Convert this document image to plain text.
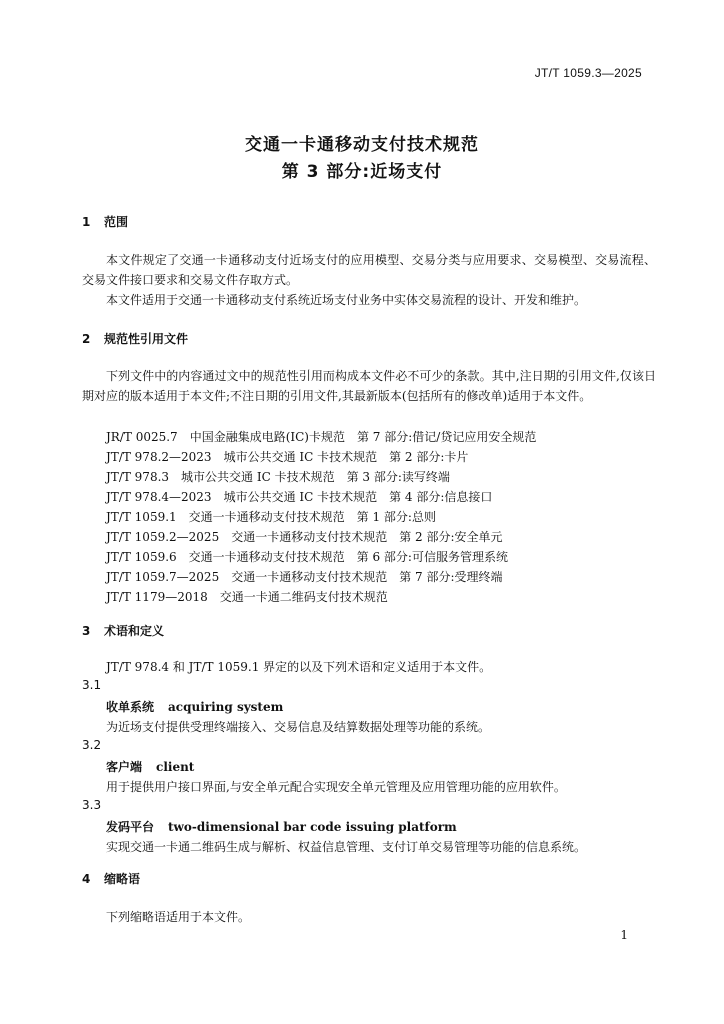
JT/T 1059.3—2025
交通一卡通移动支付技术规范
第 3 部分:近场支付
1 范围
本文件规定了交通一卡通移动支付近场支付的应用模型、交易分类与应用要求、交易模型、交易流程、交易文件接口要求和交易文件存取方式。
本文件适用于交通一卡通移动支付系统近场支付业务中实体交易流程的设计、开发和维护。
2 规范性引用文件
下列文件中的内容通过文中的规范性引用而构成本文件必不可少的条款。其中,注日期的引用文件,仅该日期对应的版本适用于本文件;不注日期的引用文件,其最新版本(包括所有的修改单)适用于本文件。
JR/T 0025.7　中国金融集成电路(IC)卡规范　第 7 部分:借记/贷记应用安全规范
JT/T 978.2—2023　城市公共交通 IC 卡技术规范　第 2 部分:卡片
JT/T 978.3　城市公共交通 IC 卡技术规范　第 3 部分:读写终端
JT/T 978.4—2023　城市公共交通 IC 卡技术规范　第 4 部分:信息接口
JT/T 1059.1　交通一卡通移动支付技术规范　第 1 部分:总则
JT/T 1059.2—2025　交通一卡通移动支付技术规范　第 2 部分:安全单元
JT/T 1059.6　交通一卡通移动支付技术规范　第 6 部分:可信服务管理系统
JT/T 1059.7—2025　交通一卡通移动支付技术规范　第 7 部分:受理终端
JT/T 1179—2018　交通一卡通二维码支付技术规范
3 术语和定义
JT/T 978.4 和 JT/T 1059.1 界定的以及下列术语和定义适用于本文件。
3.1
收单系统 acquiring system
为近场支付提供受理终端接入、交易信息及结算数据处理等功能的系统。
3.2
客户端 client
用于提供用户接口界面,与安全单元配合实现安全单元管理及应用管理功能的应用软件。
3.3
发码平台 two-dimensional bar code issuing platform
实现交通一卡通二维码生成与解析、权益信息管理、支付订单交易管理等功能的信息系统。
4 缩略语
下列缩略语适用于本文件。
1
